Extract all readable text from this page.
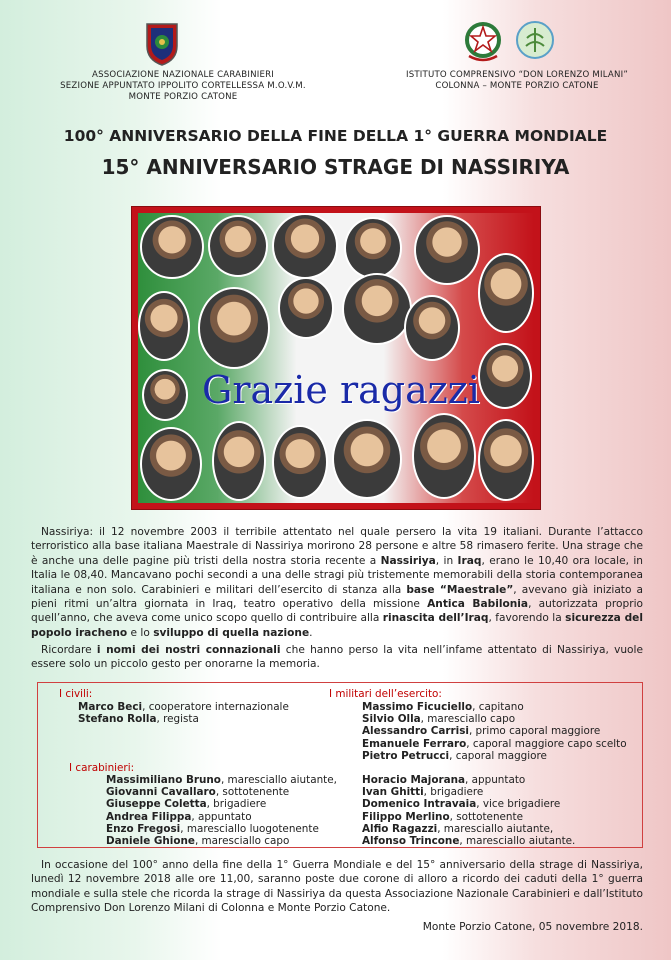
ASSOCIAZIONE NAZIONALE CARABINIERI
SEZIONE APPUNTATO IPPOLITO CORTELLESSA M.O.V.M.
MONTE PORZIO CATONE
ISTITUTO COMPRENSIVO “DON LORENZO MILANI”
COLONNA – MONTE PORZIO CATONE
100° ANNIVERSARIO DELLA FINE DELLA 1° GUERRA MONDIALE
15° ANNIVERSARIO STRAGE DI NASSIRIYA
Grazie ragazzi
Nassiriya: il 12 novembre 2003 il terribile attentato nel quale persero la vita 19 italiani. Durante l’attacco terroristico alla base italiana Maestrale di Nassiriya morirono 28 persone e altre 58 rimasero ferite. Una strage che è anche una delle pagine più tristi della nostra storia recente a Nassiriya, in Iraq, erano le 10,40 ora locale, in Italia le 08,40. Mancavano pochi secondi a una delle stragi più tristemente memorabili della storia contemporanea italiana e non solo. Carabinieri e militari dell’esercito di stanza alla base “Maestrale”, avevano già iniziato a pieni ritmi un’altra giornata in Iraq, teatro operativo della missione Antica Babilonia, autorizzata proprio quell’anno, che aveva come unico scopo quello di contribuire alla rinascita dell’Iraq, favorendo la sicurezza del popolo iracheno e lo sviluppo di quella nazione.
Ricordare i nomi dei nostri connazionali che hanno perso la vita nell’infame attentato di Nassiriya, vuole essere solo un piccolo gesto per onorarne la memoria.
I civili:
Marco Beci, cooperatore internazionale
Stefano Rolla, regista
I carabinieri:
Massimiliano Bruno, maresciallo aiutante,
Giovanni Cavallaro, sottotenente
Giuseppe Coletta, brigadiere
Andrea Filippa, appuntato
Enzo Fregosi, maresciallo luogotenente
Daniele Ghione, maresciallo capo
I militari dell’esercito:
Massimo Ficuciello, capitano
Silvio Olla, maresciallo capo
Alessandro Carrisi, primo caporal maggiore
Emanuele Ferraro, caporal maggiore capo scelto
Pietro Petrucci, caporal maggiore
Horacio Majorana, appuntato
Ivan Ghitti, brigadiere
Domenico Intravaia, vice brigadiere
Filippo Merlino, sottotenente
Alfio Ragazzi, maresciallo aiutante,
Alfonso Trincone, maresciallo aiutante.
In occasione del 100° anno della fine della 1° Guerra Mondiale e del 15° anniversario della strage di Nassiriya, lunedì 12 novembre 2018 alle ore 11,00, saranno poste due corone di alloro a ricordo dei caduti della 1° guerra mondiale e sulla stele che ricorda la strage di Nassiriya da questa Associazione Nazionale Carabinieri e dall’Istituto Comprensivo Don Lorenzo Milani di Colonna e Monte Porzio Catone.
Monte Porzio Catone, 05 novembre 2018.
